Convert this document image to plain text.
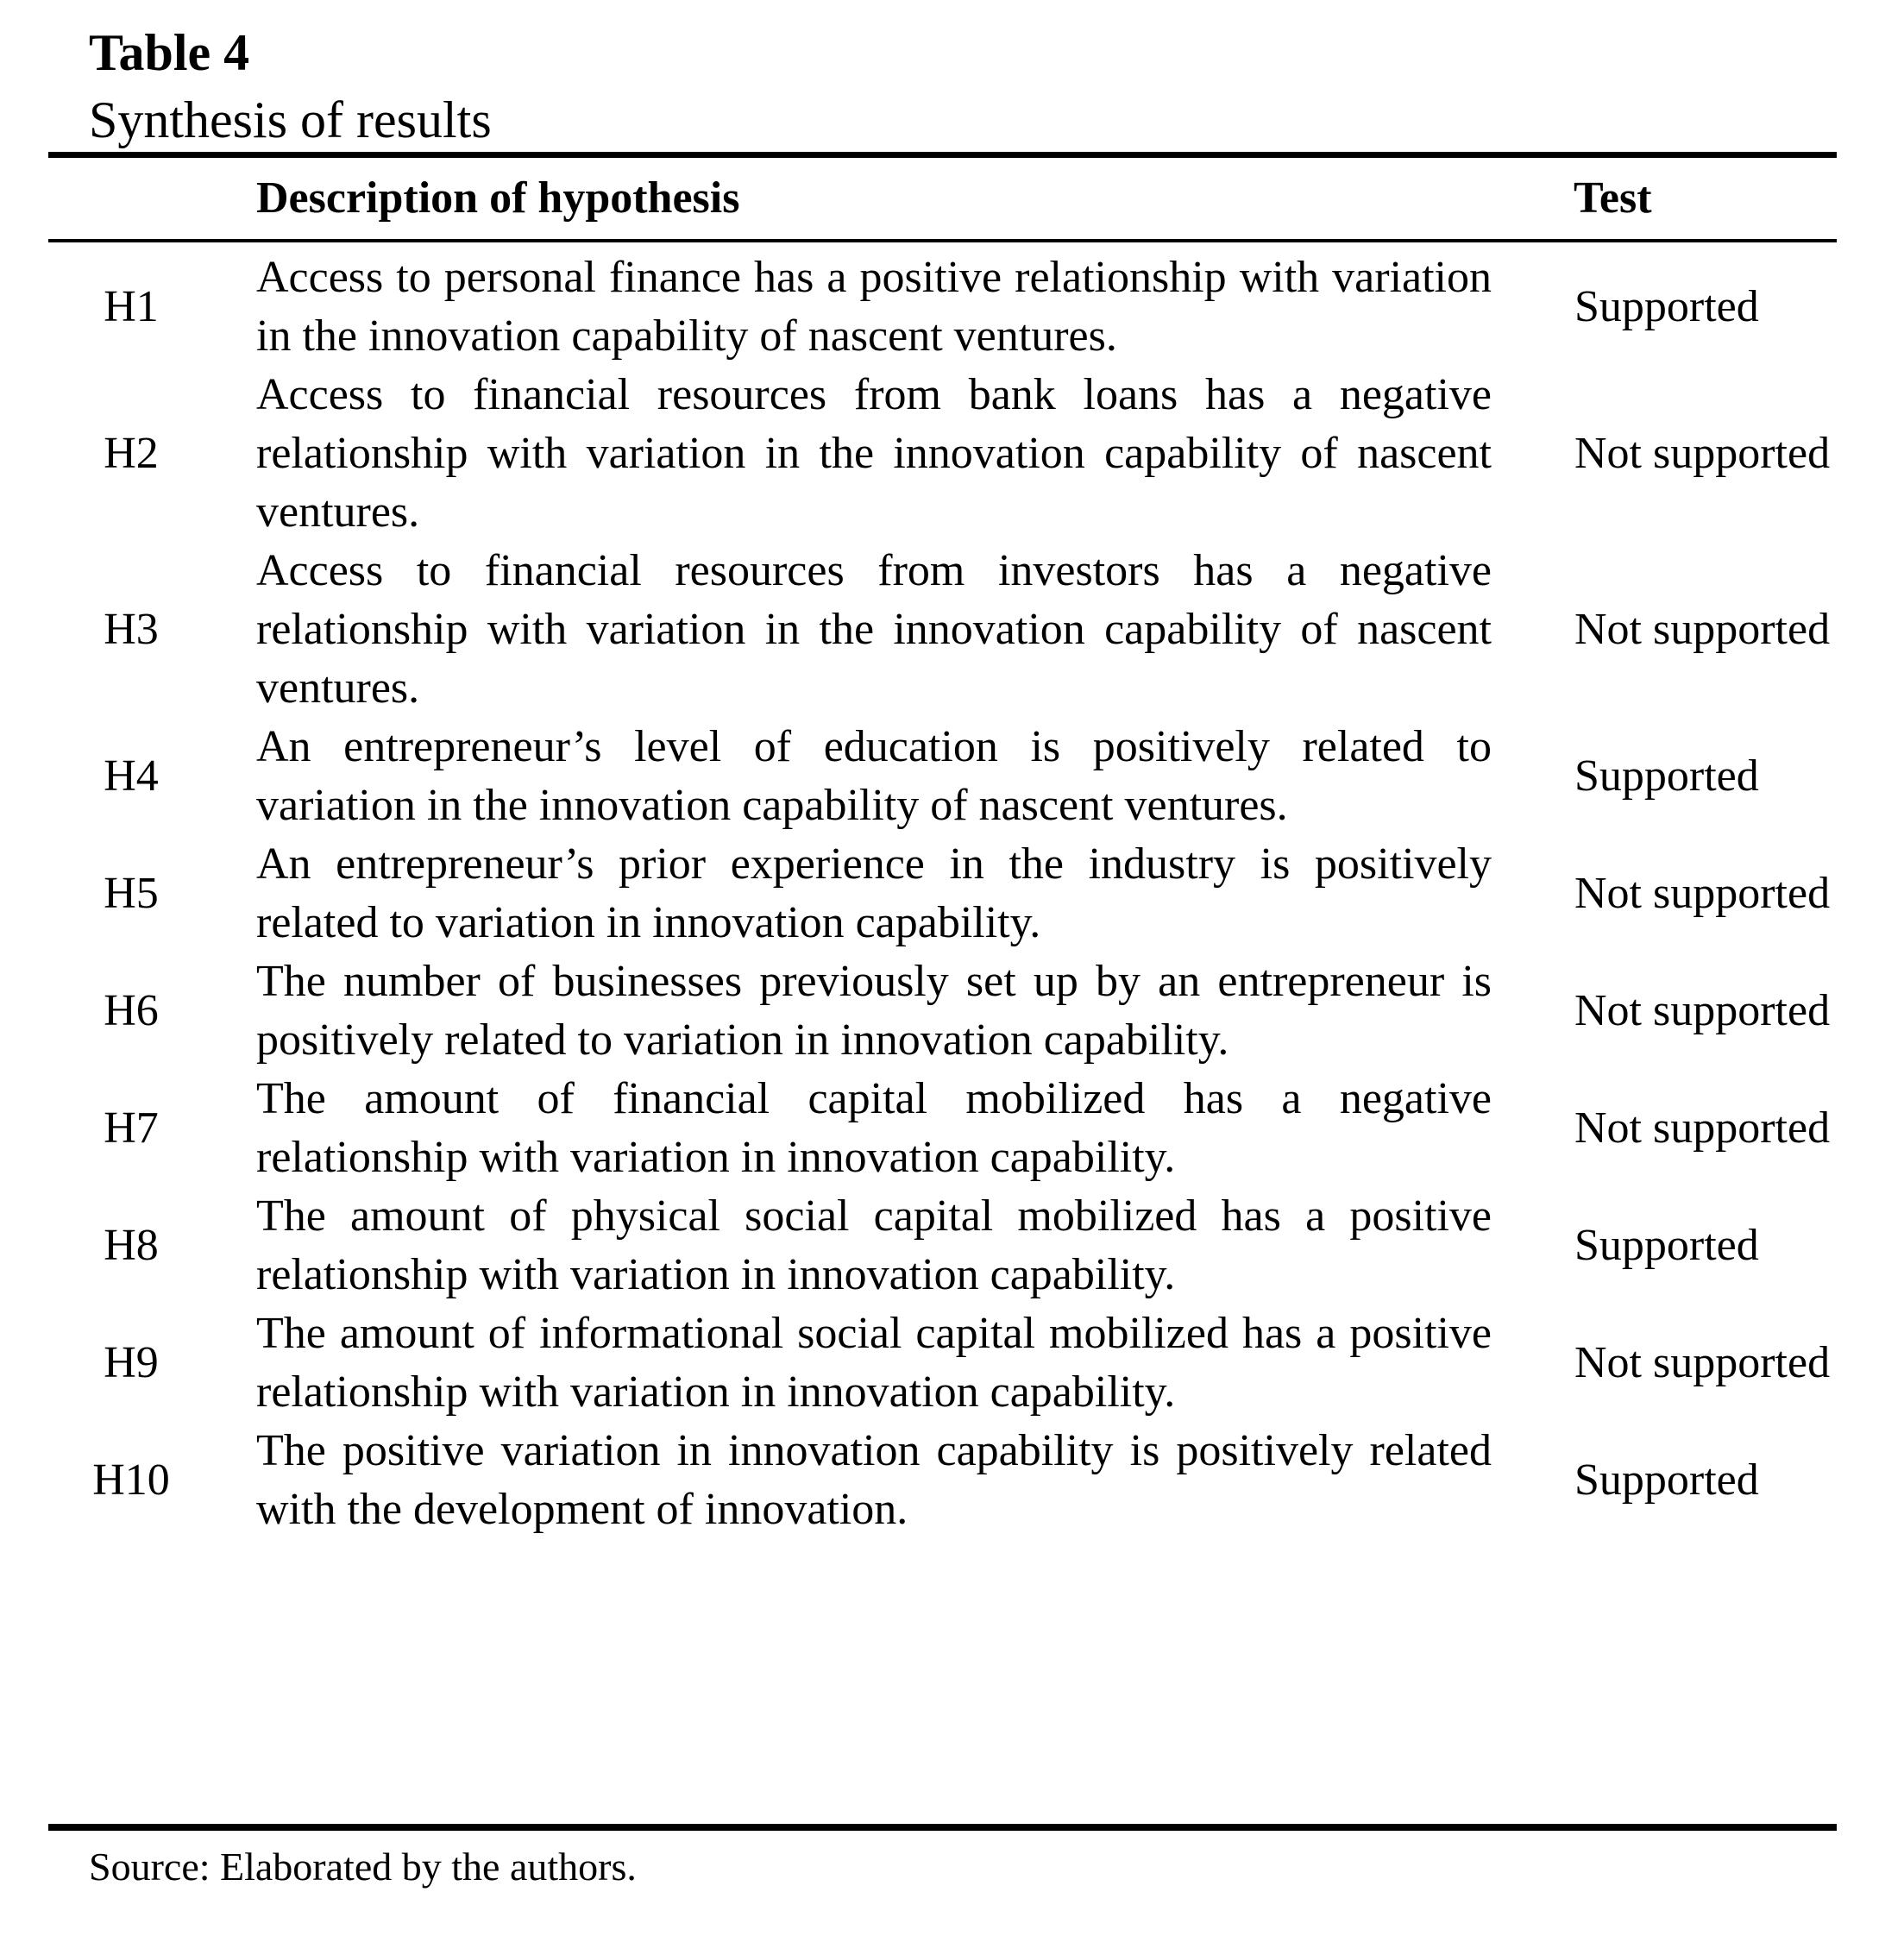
Table 4
Synthesis of results
Description of hypothesis	Test
H1
Access to personal finance has a positive relationship with variation in the innovation capability of nascent ventures.
Supported
H2
Access to financial resources from bank loans has a negative relationship with variation in the innovation capability of nascent ventures.
Not supported
H3
Access to financial resources from investors has a negative relationship with variation in the innovation capability of nascent ventures.
Not supported
H4
An entrepreneur’s level of education is positively related to variation in the innovation capability of nascent ventures.
Supported
H5
An entrepreneur’s prior experience in the industry is positively related to variation in innovation capability.
Not supported
H6
The number of businesses previously set up by an entrepreneur is positively related to variation in innovation capability.
Not supported
H7
The amount of financial capital mobilized has a negative relationship with variation in innovation capability.
Not supported
H8
The amount of physical social capital mobilized has a positive relationship with variation in innovation capability.
Supported
H9
The amount of informational social capital mobilized has a positive relationship with variation in innovation capability.
Not supported
H10
The positive variation in innovation capability is positively related with the development of innovation.
Supported
Source: Elaborated by the authors.
